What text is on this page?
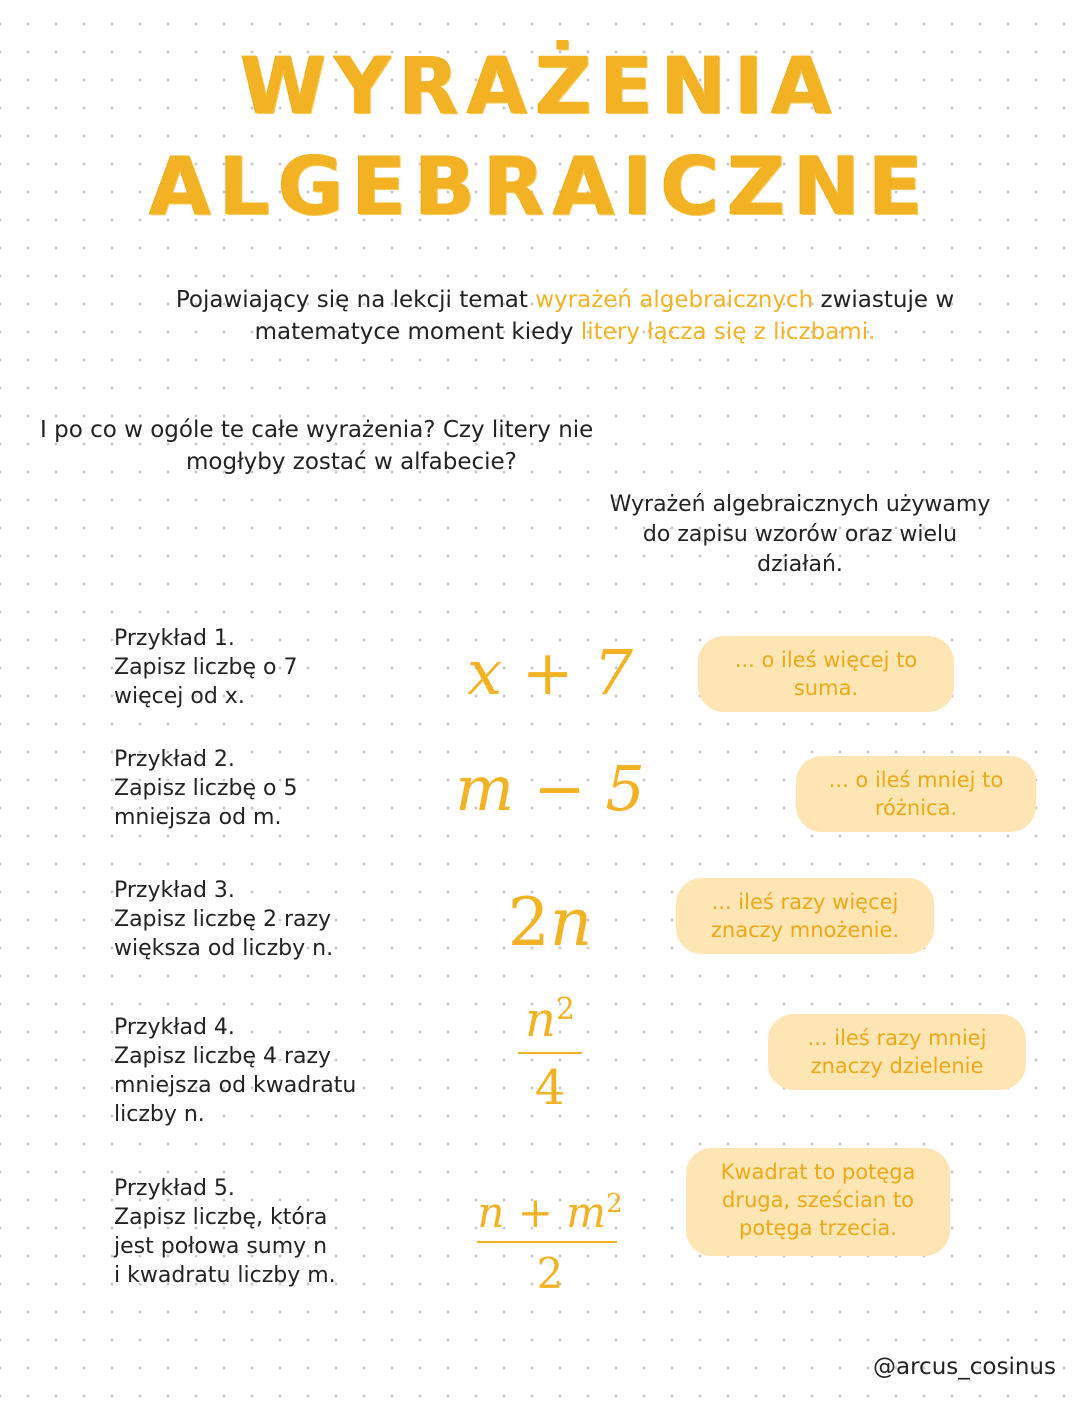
WYRAŻENIA
ALGEBRAICZNE
Pojawiający się na lekcji temat wyrażeń algebraicznych zwiastuje w matematyce moment kiedy litery łącza się z liczbami.
I po co w ogóle te całe wyrażenia? Czy litery nie
mogłyby zostać w alfabecie?
Wyrażeń algebraicznych używamy
do zapisu wzorów oraz wielu
działań.
Przykład 1.
Zapisz liczbę o 7
więcej od x.	x + 7	... o ileś więcej to
suma.
Przykład 2.
Zapisz liczbę o 5
mniejsza od m.	m − 5	... o ileś mniej to
różnica.
Przykład 3.
Zapisz liczbę 2 razy
większa od liczby n.	2n	... ileś razy więcej
znaczy mnożenie.
Przykład 4.
Zapisz liczbę 4 razy
mniejsza od kwadratu
liczby n.	$\frac{n^2}{4}$	... ileś razy mniej
znaczy dzielenie
Przykład 5.
Zapisz liczbę, która
jest połowa sumy n
i kwadratu liczby m.	$\frac{n + m^2}{2}$
Kwadrat to potęga
druga, sześcian to
potęga trzecia.
@arcus_cosinus
